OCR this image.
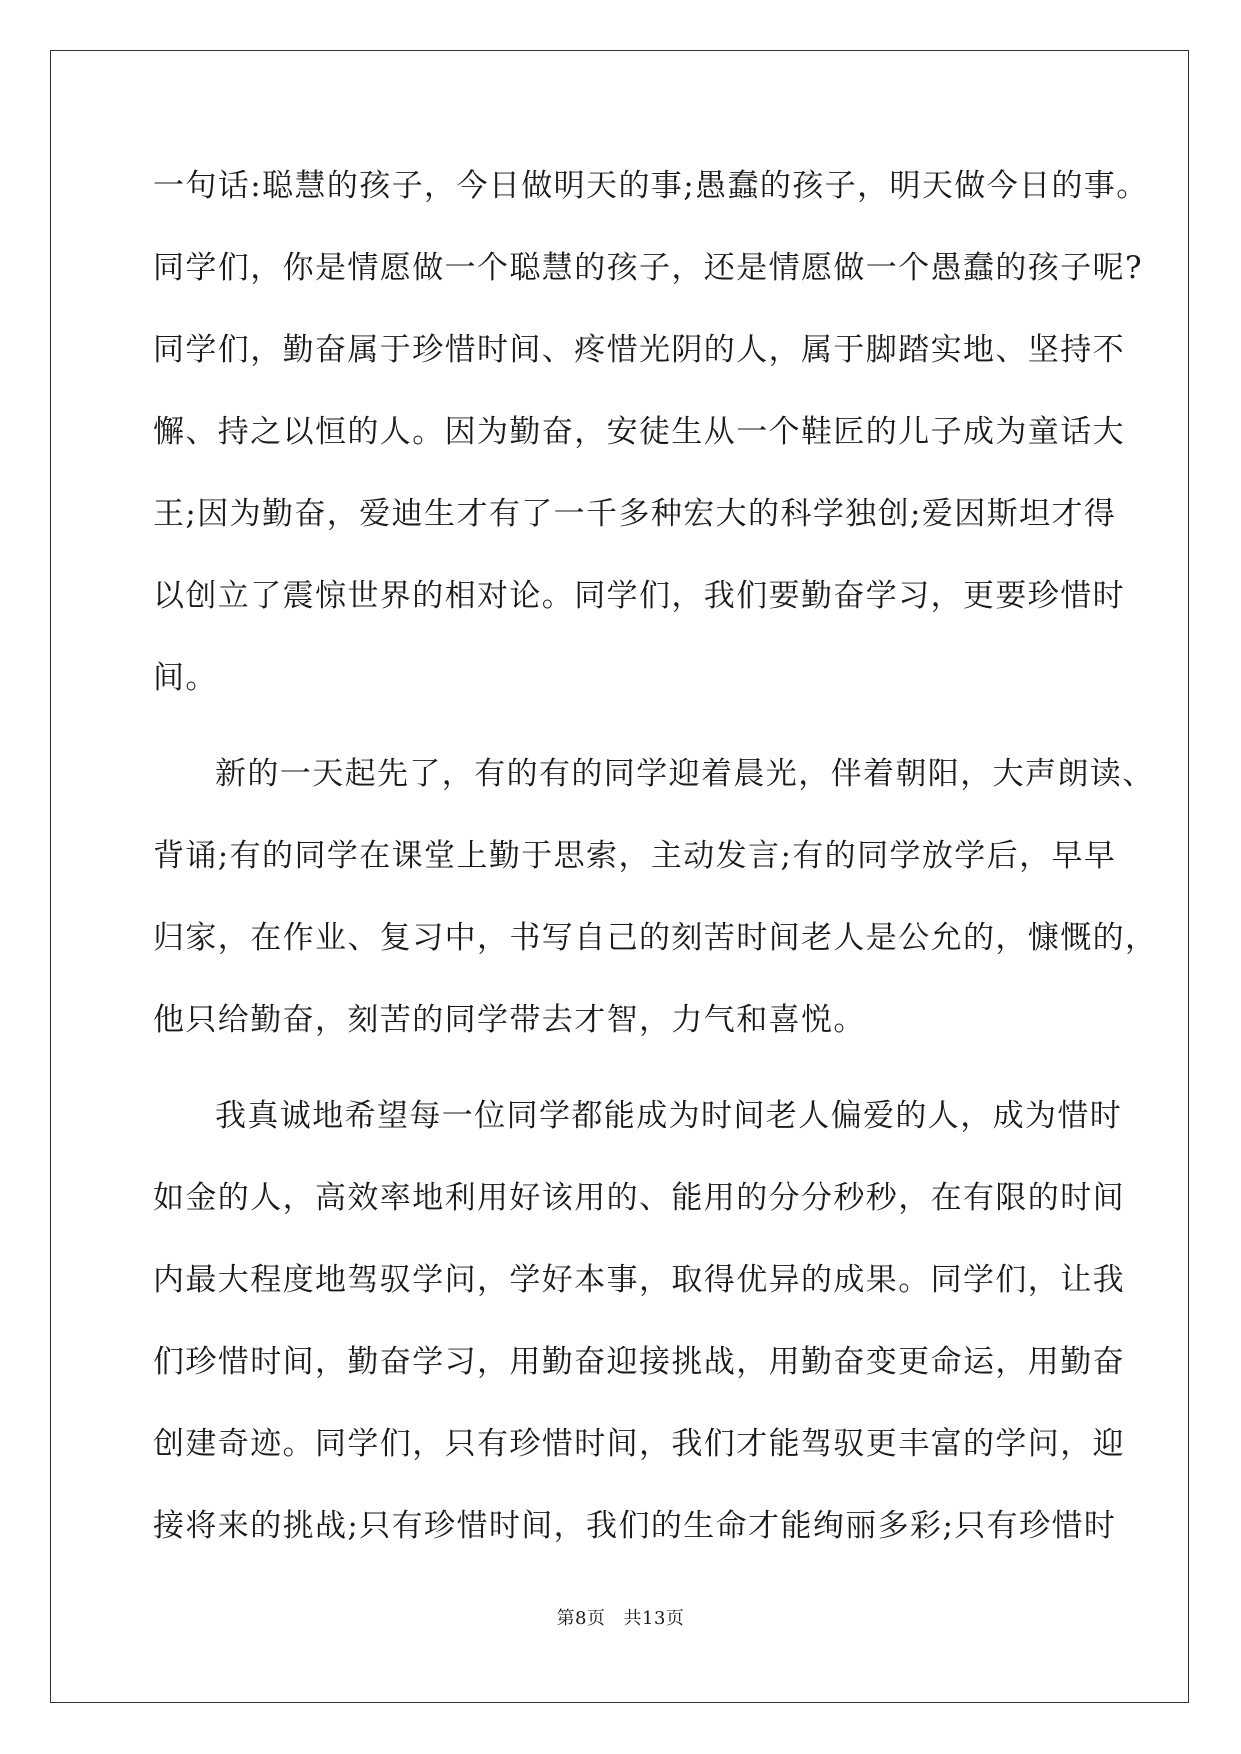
一句话:聪慧的孩子，今日做明天的事;愚蠢的孩子，明天做今日的事。
同学们，你是情愿做一个聪慧的孩子，还是情愿做一个愚蠢的孩子呢?
同学们，勤奋属于珍惜时间、疼惜光阴的人，属于脚踏实地、坚持不
懈、持之以恒的人。因为勤奋，安徒生从一个鞋匠的儿子成为童话大
王;因为勤奋，爱迪生才有了一千多种宏大的科学独创;爱因斯坦才得
以创立了震惊世界的相对论。同学们，我们要勤奋学习，更要珍惜时
间。
新的一天起先了，有的有的同学迎着晨光，伴着朝阳，大声朗读、
背诵;有的同学在课堂上勤于思索，主动发言;有的同学放学后，早早
归家，在作业、复习中，书写自己的刻苦时间老人是公允的，慷慨的，
他只给勤奋，刻苦的同学带去才智，力气和喜悦。
我真诚地希望每一位同学都能成为时间老人偏爱的人，成为惜时
如金的人，高效率地利用好该用的、能用的分分秒秒，在有限的时间
内最大程度地驾驭学问，学好本事，取得优异的成果。同学们，让我
们珍惜时间，勤奋学习，用勤奋迎接挑战，用勤奋变更命运，用勤奋
创建奇迹。同学们，只有珍惜时间，我们才能驾驭更丰富的学问，迎
接将来的挑战;只有珍惜时间，我们的生命才能绚丽多彩;只有珍惜时
第8页 共13页
